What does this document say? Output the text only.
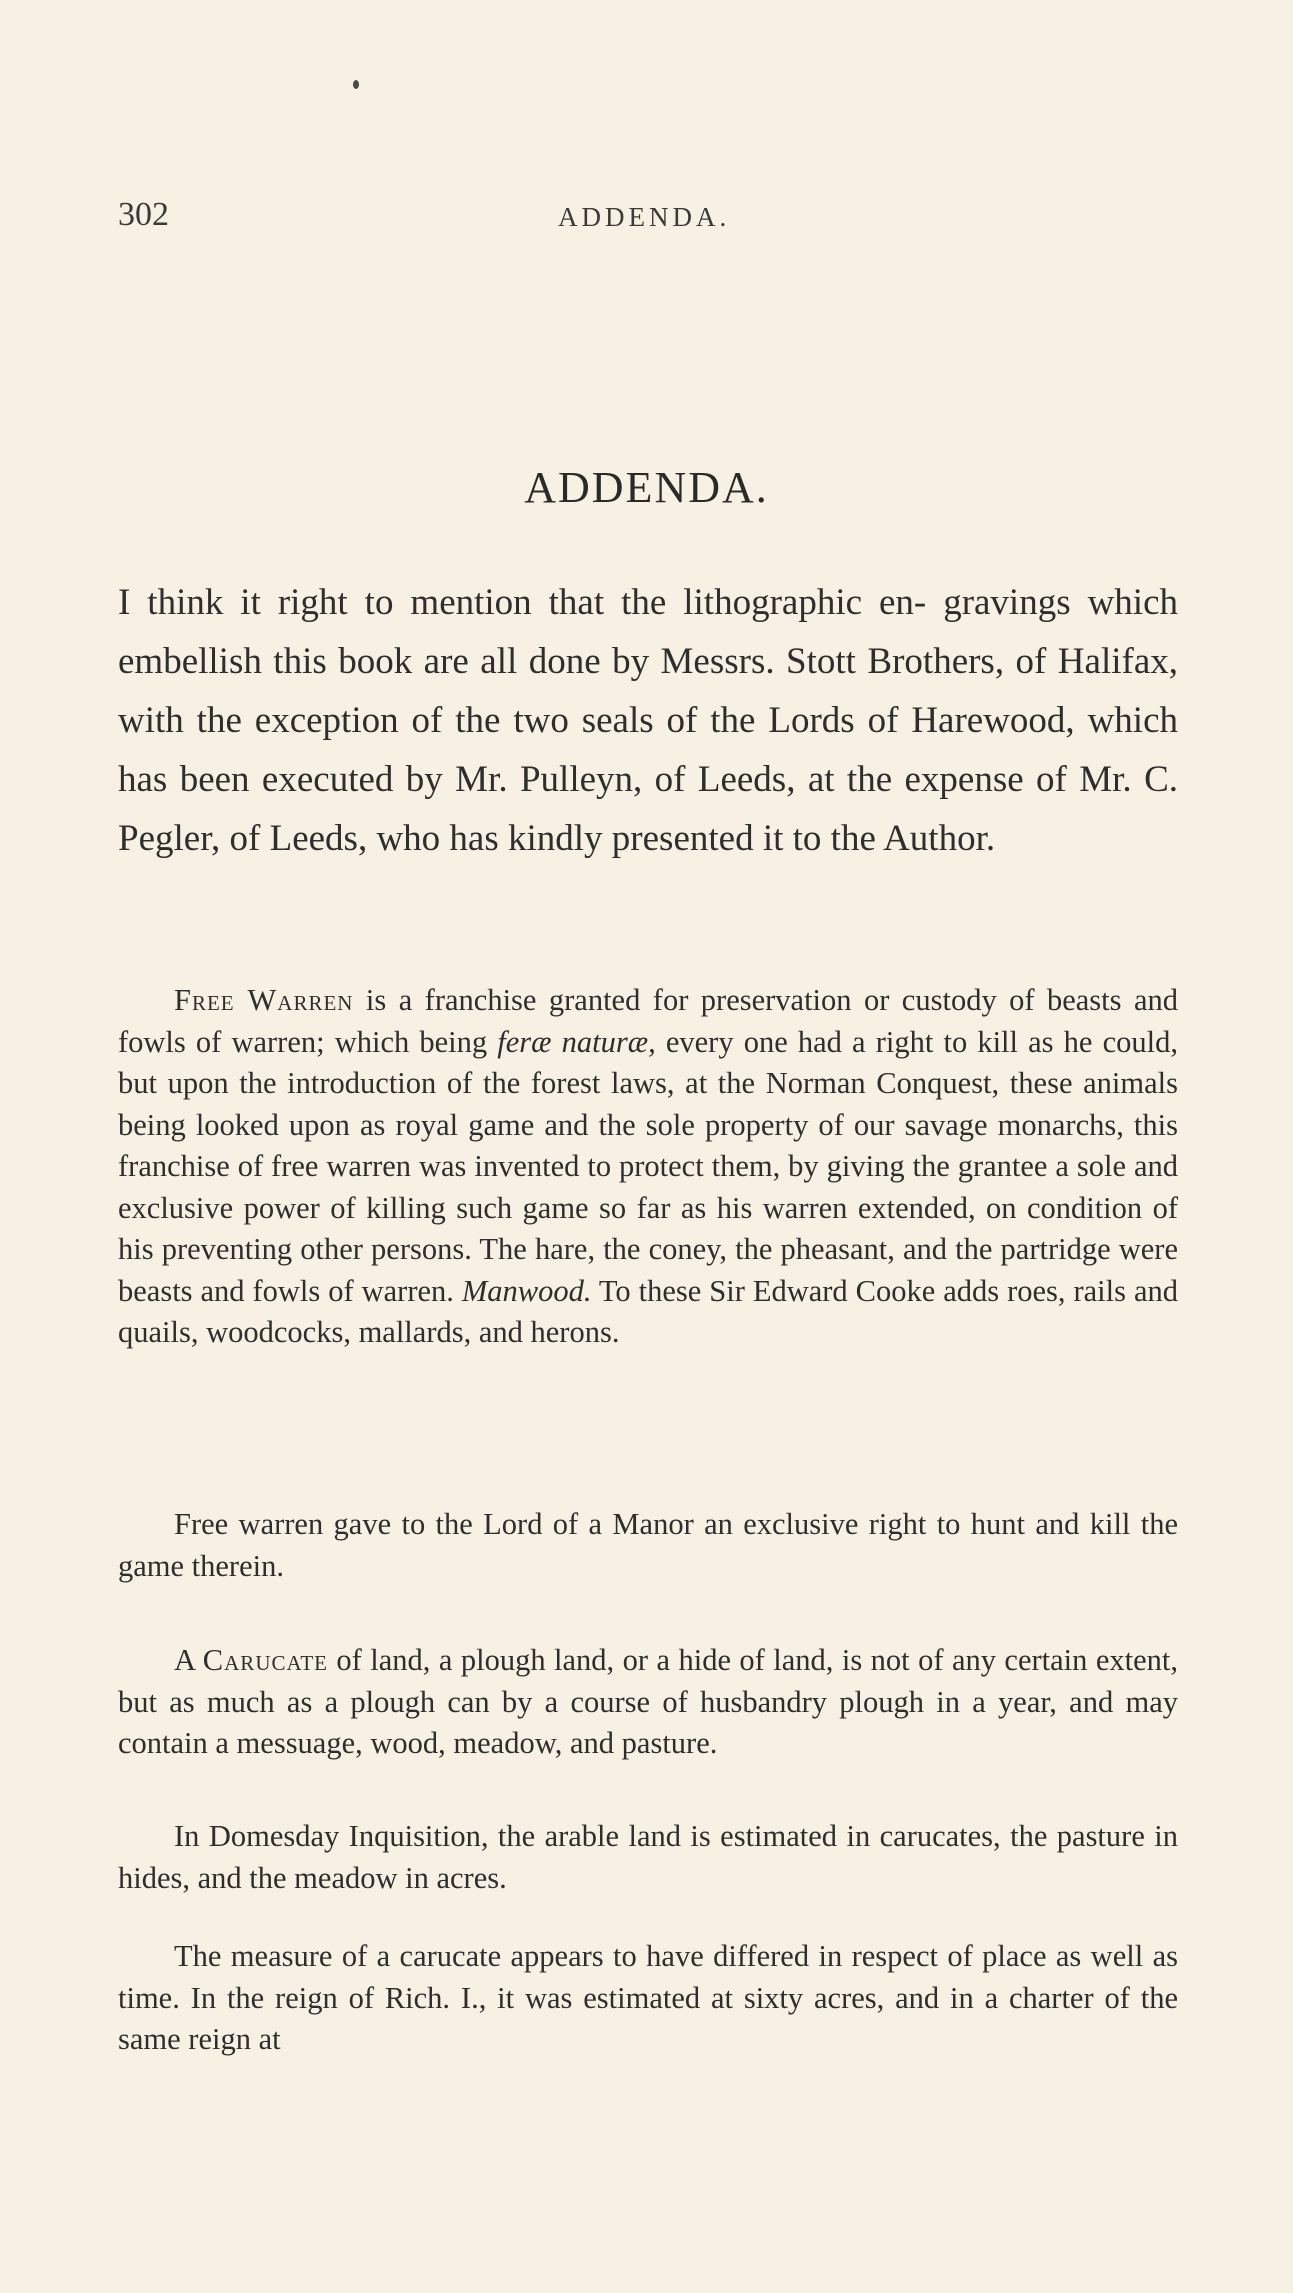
302	ADDENDA.
ADDENDA.

I think it right to mention that the lithographic en- gravings which embellish this book are all done by Messrs. Stott Brothers, of Halifax, with the exception of the two seals of the Lords of Harewood, which has been executed by Mr. Pulleyn, of Leeds, at the expense of Mr. C. Pegler, of Leeds, who has kindly presented it to the Author.

Free Warren is a franchise granted for preservation or custody of beasts and fowls of warren; which being feræ naturæ, every one had a right to kill as he could, but upon the introduction of the forest laws, at the Norman Conquest, these animals being looked upon as royal game and the sole property of our savage monarchs, this franchise of free warren was invented to protect them, by giving the grantee a sole and exclusive power of killing such game so far as his warren extended, on condition of his preventing other persons. The hare, the coney, the pheasant, and the partridge were beasts and fowls of warren. Manwood. To these Sir Edward Cooke adds roes, rails and quails, woodcocks, mallards, and herons.

Free warren gave to the Lord of a Manor an exclusive right to hunt and kill the game therein.

A Carucate of land, a plough land, or a hide of land, is not of any certain extent, but as much as a plough can by a course of husbandry plough in a year, and may contain a messuage, wood, meadow, and pasture.

In Domesday Inquisition, the arable land is estimated in carucates, the pasture in hides, and the meadow in acres.

The measure of a carucate appears to have differed in respect of place as well as time. In the reign of Rich. I., it was estimated at sixty acres, and in a charter of the same reign at
